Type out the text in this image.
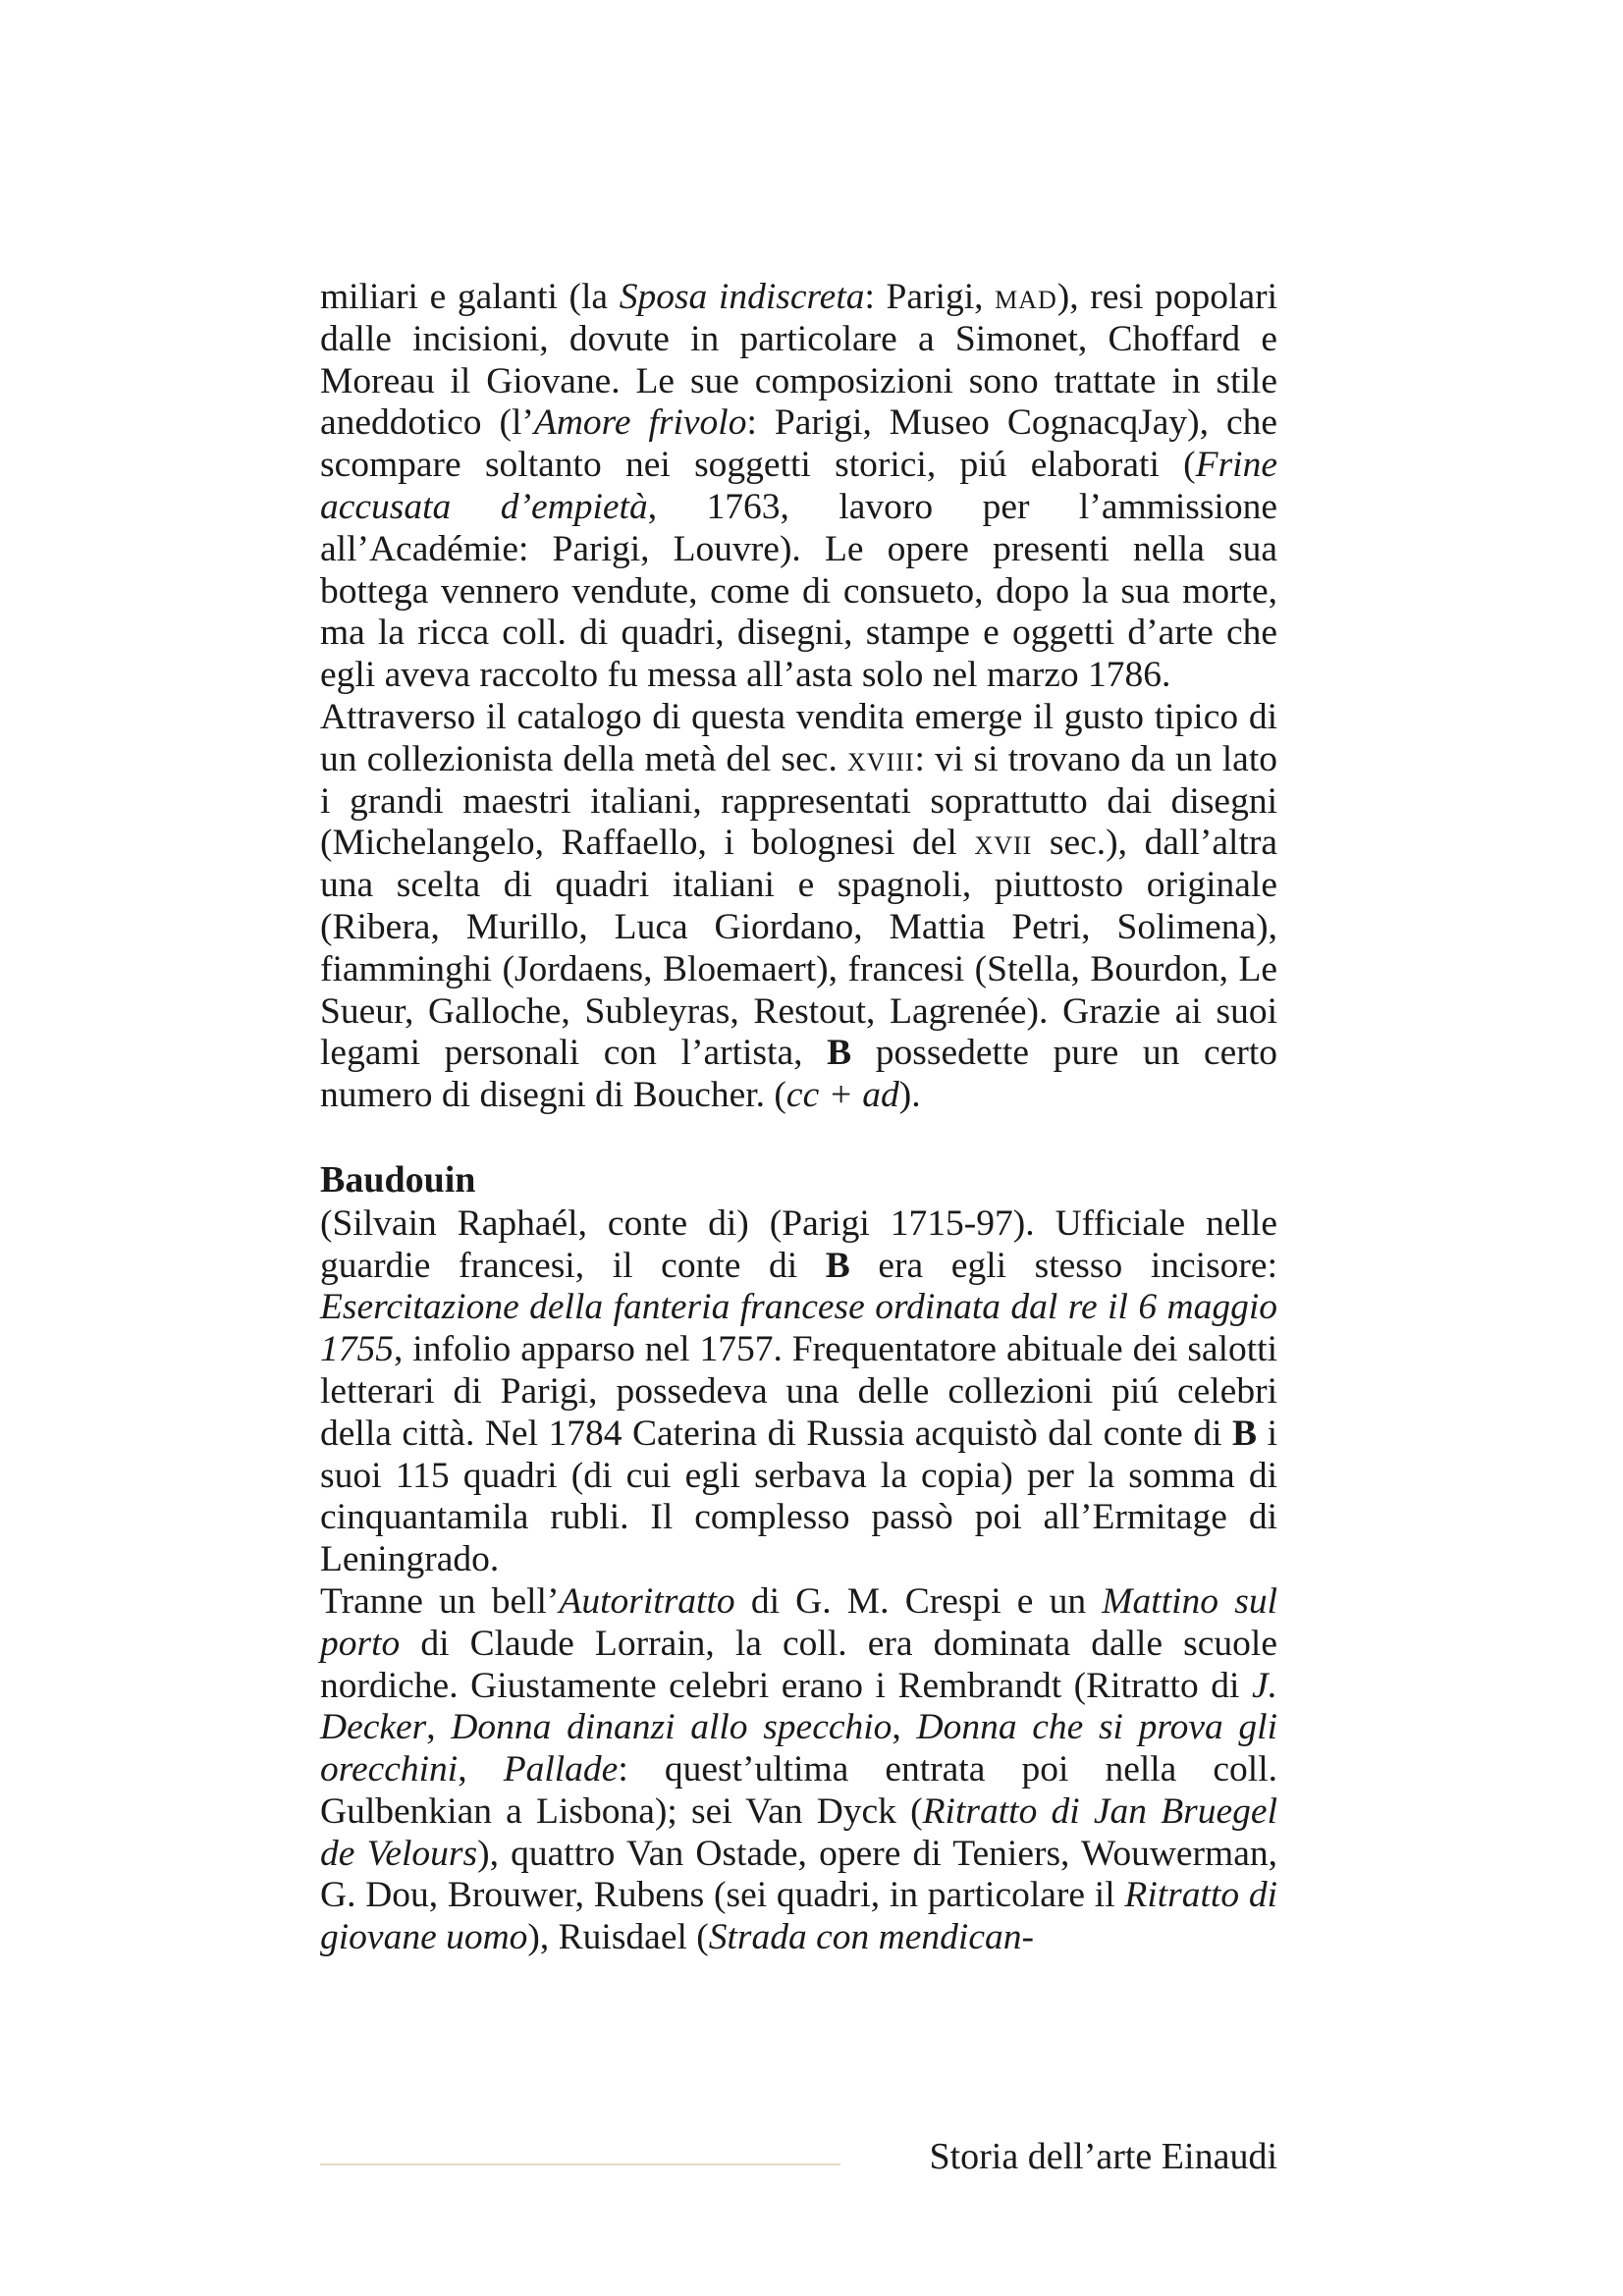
miliari e galanti (la Sposa indiscreta: Parigi, mad), resi popolari dalle incisioni, dovute in particolare a Simonet, Choffard e Moreau il Giovane. Le sue composizioni sono trattate in stile aneddotico (l’Amore frivolo: Parigi, Museo CognacqJay), che scompare soltanto nei soggetti storici, piú elaborati (Frine accusata d’empietà, 1763, lavoro per l’ammissione all’Académie: Parigi, Louvre). Le opere presenti nella sua bottega vennero vendute, come di consueto, dopo la sua morte, ma la ricca coll. di quadri, disegni, stampe e oggetti d’arte che egli aveva raccolto fu messa all’asta solo nel marzo 1786.

Attraverso il catalogo di questa vendita emerge il gusto tipico di un collezionista della metà del sec. xviii: vi si trovano da un lato i grandi maestri italiani, rappresentati soprattutto dai disegni (Michelangelo, Raffaello, i bolognesi del xvii sec.), dall’altra una scelta di quadri italiani e spagnoli, piuttosto originale (Ribera, Murillo, Luca Giordano, Mattia Petri, Solimena), fiamminghi (Jordaens, Bloemaert), francesi (Stella, Bourdon, Le Sueur, Galloche, Subleyras, Restout, Lagrenée). Grazie ai suoi legami personali con l’artista, B possedette pure un certo numero di disegni di Boucher. (cc + ad).

Baudouin

(Silvain Raphaél, conte di) (Parigi 1715-97). Ufficiale nelle guardie francesi, il conte di B era egli stesso incisore: Esercitazione della fanteria francese ordinata dal re il 6 maggio 1755, infolio apparso nel 1757. Frequentatore abituale dei salotti letterari di Parigi, possedeva una delle collezioni piú celebri della città. Nel 1784 Caterina di Russia acquistò dal conte di B i suoi 115 quadri (di cui egli serbava la copia) per la somma di cinquantamila rubli. Il complesso passò poi all’Ermitage di Leningrado.

Tranne un bell’Autoritratto di G. M. Crespi e un Mattino sul porto di Claude Lorrain, la coll. era dominata dalle scuole nordiche. Giustamente celebri erano i Rembrandt (Ritratto di J. Decker, Donna dinanzi allo specchio, Donna che si prova gli orecchini, Pallade: quest’ultima entrata poi nella coll. Gulbenkian a Lisbona); sei Van Dyck (Ritratto di Jan Bruegel de Velours), quattro Van Ostade, opere di Teniers, Wouwerman, G. Dou, Brouwer, Rubens (sei quadri, in particolare il Ritratto di giovane uomo), Ruisdael (Strada con mendican-

Storia dell’arte Einaudi
